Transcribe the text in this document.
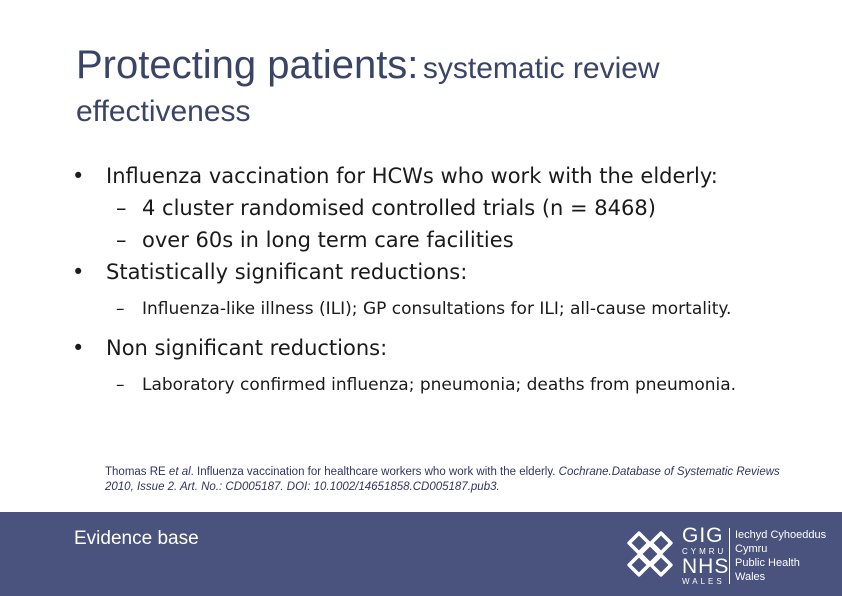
Protecting patients: systematic review
effectiveness
• Influenza vaccination for HCWs who work with the elderly:
– 4 cluster randomised controlled trials (n = 8468)
– over 60s in long term care facilities
• Statistically significant reductions:
– Influenza-like illness (ILI); GP consultations for ILI; all-cause mortality.
• Non significant reductions:
– Laboratory confirmed influenza; pneumonia; deaths from pneumonia.
Thomas RE et al. Influenza vaccination for healthcare workers who work with the elderly. Cochrane.Database of Systematic Reviews 2010, Issue 2. Art. No.: CD005187. DOI: 10.1002/14651858.CD005187.pub3.
Evidence base	GIG
CYMRU
NHS
WALES
Iechyd Cyhoeddus
Cymru
Public Health
Wales
